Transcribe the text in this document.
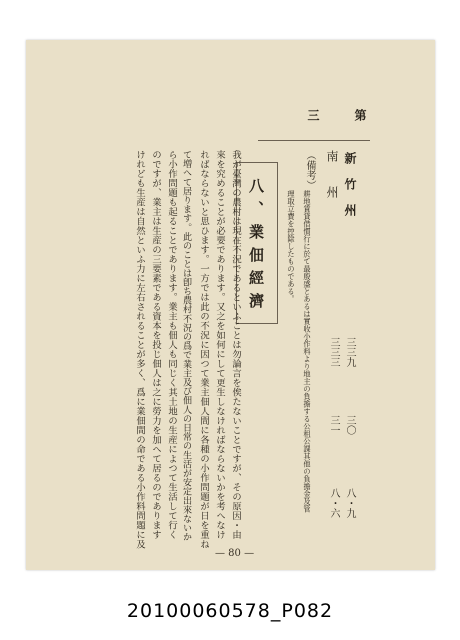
第
三
新竹州
南州
三三九
三三三
三〇
三一
八・九
八・六
（備考）
耕地賃貸借慣行に於て最殷盛とあるは實收小作料より地主の負擔する公租公課其他の負擔金及管
理取立費を控除したものである。
八、業佃經濟
我が臺灣の農村は現在不況であるといふことは勿論言を俟たないことですが、その原因・由
來を究めることが必要であります。又之を如何にして更生しなければならないかを考へなけ
ればならないと思ひます。一方では此の不況に因つて業主佃人間に各種の小作問題が日を重ね
て増へて居ります。此のことは卽ち農村不況の爲で業主及び佃人の日常の生活が安定出來ないか
ら小作問題も起ることであります。業主も佃人も同じく其土地の生産によつて生活して行く
のですが、業主は生産の三要素である資本を投じ佃人は之に勞力を加へて居るのであります
けれども生産は自然といふ力に左右されることが多く、爲に業佃間の命である小作料問題に及
— 80 —
20100060578_P082
